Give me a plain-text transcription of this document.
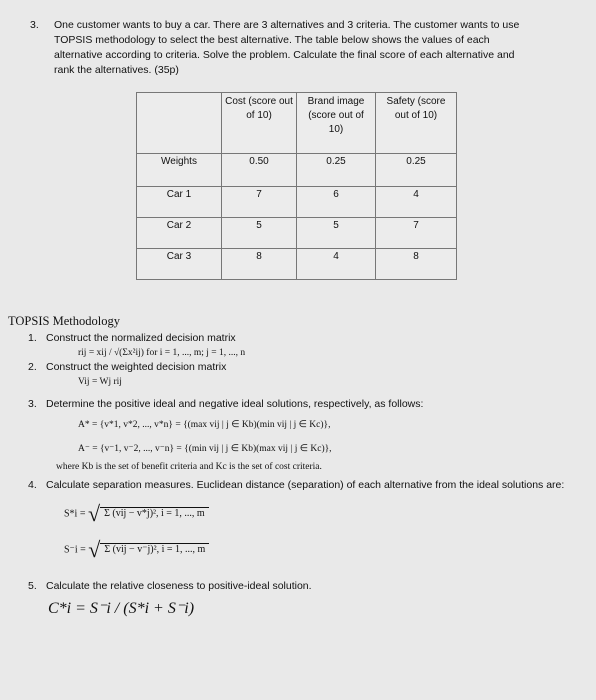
3. One customer wants to buy a car. There are 3 alternatives and 3 criteria. The customer wants to use
TOPSIS methodology to select the best alternative. The table below shows the values of each
alternative according to criteria. Solve the problem. Calculate the final score of each alternative and
rank the alternatives. (35p)
	Cost (score out of 10)	Brand image (score out of 10)	Safety (score out of 10)
Weights	0.50	0.25	0.25
Car 1	7	6	4
Car 2	5	5	7
Car 3	8	4	8
TOPSIS Methodology
1. Construct the normalized decision matrix
rij = xij / √(Σx²ij) for i = 1, ..., m; j = 1, ..., n
2. Construct the weighted decision matrix
Vij = Wj rij
3. Determine the positive ideal and negative ideal solutions, respectively, as follows:
A* = {v*1, v*2, ..., v*n} = {(max vij | j ∈ Kb)(min vij | j ∈ Kc)},
A⁻ = {v⁻1, v⁻2, ..., v⁻n} = {(min vij | j ∈ Kb)(max vij | j ∈ Kc)},
where Kb is the set of benefit criteria and Kc is the set of cost criteria.
4. Calculate separation measures. Euclidean distance (separation) of each alternative from the ideal solutions are:
S*i = √ Σ (vij − v*j)², i = 1, ..., m
S⁻i = √ Σ (vij − v⁻j)², i = 1, ..., m
5. Calculate the relative closeness to positive-ideal solution.
C*i = S⁻i / (S*i + S⁻i)
